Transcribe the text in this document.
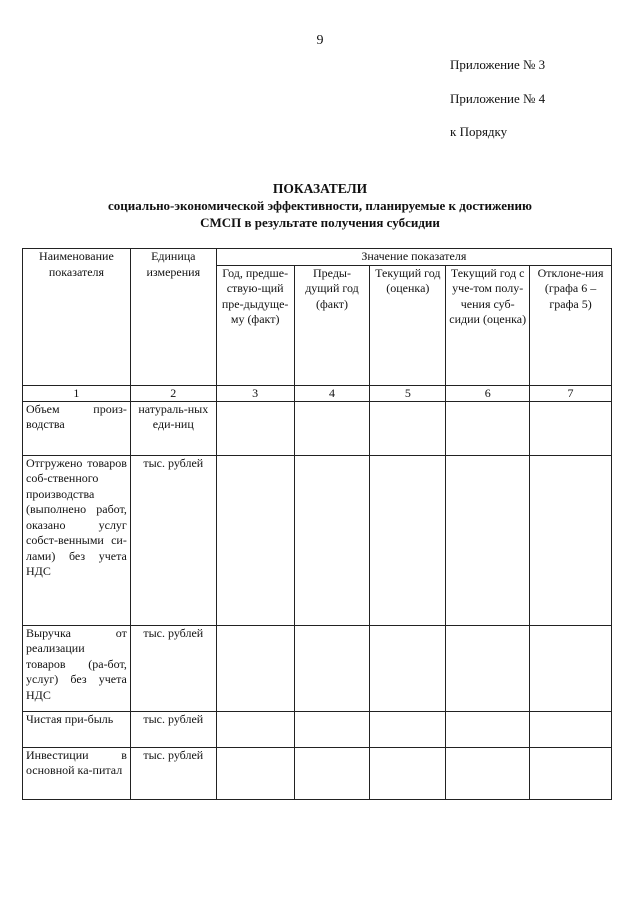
9
Приложение № 3
Приложение № 4
к Порядку
ПОКАЗАТЕЛИ
социально-экономической эффективности, планируемые к достижению
СМСП в результате получения субсидии
Наименование показателя	Единица измерения	Значение показателя				
		Год, предше-ствую-щий пре-дыдуще-му (факт)	Преды-дущий год (факт)	Текущий год (оценка)	Текущий год с уче-том полу-чения суб-сидии (оценка)	Отклоне-ния (графа 6 – графа 5)
1	2	3	4	5	6	7
Объем произ-водства	натураль-ных еди-ниц					
Отгружено товаров соб-ственного производства (выполнено работ, оказано услуг собст-венными си-лами) без учета НДС	тыс. рублей					
Выручка от реализации товаров (ра-бот, услуг) без учета НДС	тыс. рублей					
Чистая при-быль	тыс. рублей					
Инвестиции в основной ка-питал	тыс. рублей					
